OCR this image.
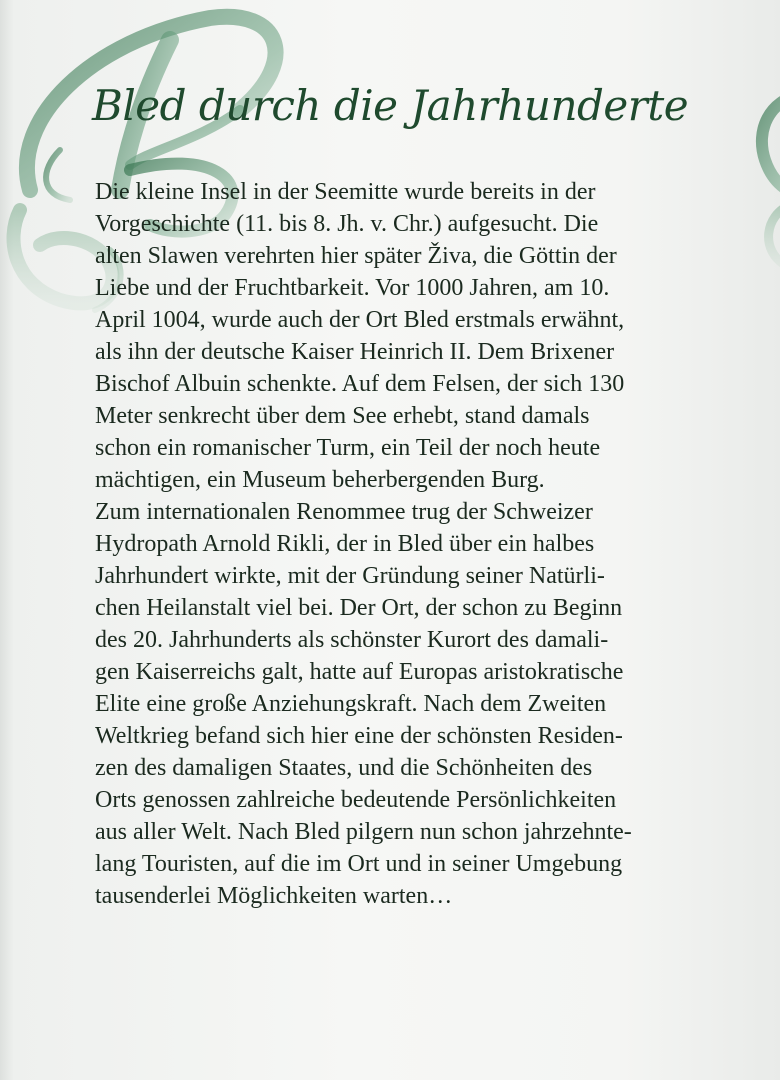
Bled durch die Jahrhunderte
Die kleine Insel in der Seemitte wurde bereits in der
Vorgeschichte (11. bis 8. Jh. v. Chr.) aufgesucht. Die
alten Slawen verehrten hier später Živa, die Göttin der
Liebe und der Fruchtbarkeit. Vor 1000 Jahren, am 10.
April 1004, wurde auch der Ort Bled erstmals erwähnt,
als ihn der deutsche Kaiser Heinrich II. Dem Brixener
Bischof Albuin schenkte. Auf dem Felsen, der sich 130
Meter senkrecht über dem See erhebt, stand damals
schon ein romanischer Turm, ein Teil der noch heute
mächtigen, ein Museum beherbergenden Burg.
Zum internationalen Renommee trug der Schweizer
Hydropath Arnold Rikli, der in Bled über ein halbes
Jahrhundert wirkte, mit der Gründung seiner Natürli-
chen Heilanstalt viel bei. Der Ort, der schon zu Beginn
des 20. Jahrhunderts als schönster Kurort des damali-
gen Kaiserreichs galt, hatte auf Europas aristokratische
Elite eine große Anziehungskraft. Nach dem Zweiten
Weltkrieg befand sich hier eine der schönsten Residen-
zen des damaligen Staates, und die Schönheiten des
Orts genossen zahlreiche bedeutende Persönlichkeiten
aus aller Welt. Nach Bled pilgern nun schon jahrzehnte-
lang Touristen, auf die im Ort und in seiner Umgebung
tausenderlei Möglichkeiten warten…
